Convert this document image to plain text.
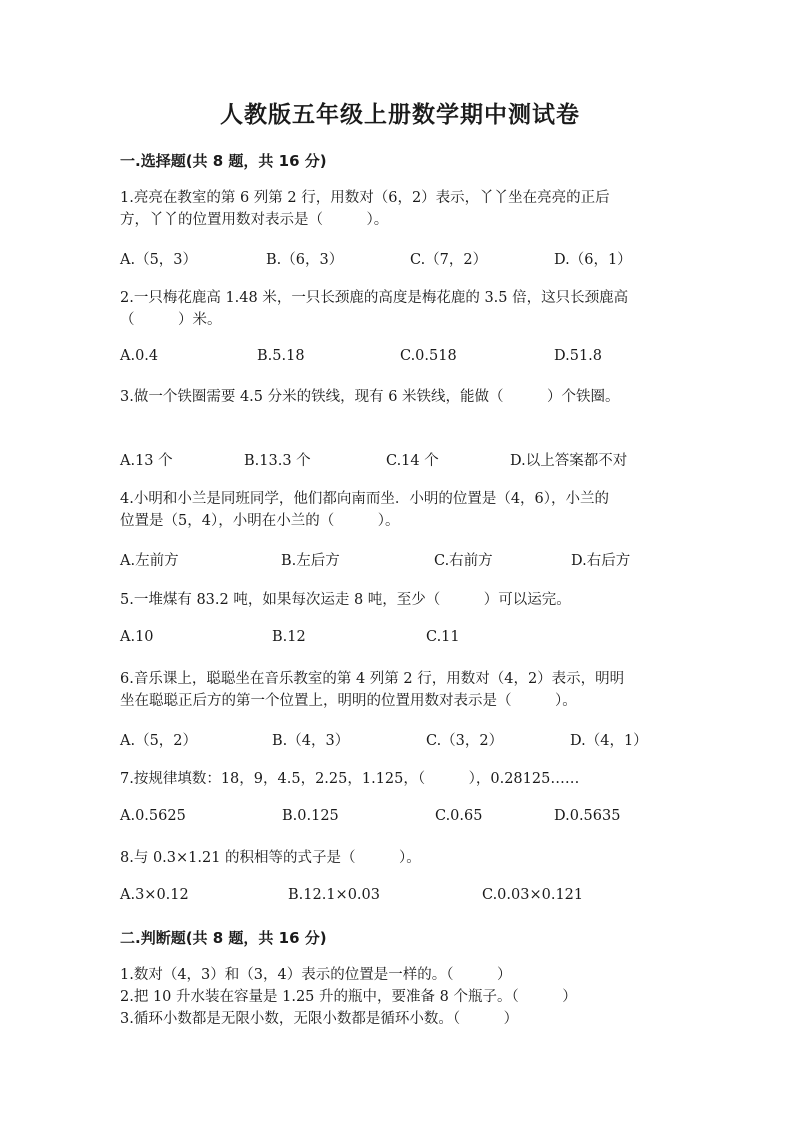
人教版五年级上册数学期中测试卷
一.选择题(共 8 题，共 16 分)
1.亮亮在教室的第 6 列第 2 行，用数对（6，2）表示，丫丫坐在亮亮的正后
方，丫丫的位置用数对表示是（　　　）。
A.（5，3）	B.（6，3）	C.（7，2）	D.（6，1）
2.一只梅花鹿高 1.48 米，一只长颈鹿的高度是梅花鹿的 3.5 倍，这只长颈鹿高
（　　　）米。
A.0.4	B.5.18	C.0.518	D.51.8
3.做一个铁圈需要 4.5 分米的铁线，现有 6 米铁线，能做（　　　）个铁圈。
A.13 个	B.13.3 个	C.14 个	D.以上答案都不对
4.小明和小兰是同班同学，他们都向南而坐．小明的位置是（4，6），小兰的
位置是（5，4），小明在小兰的（　　　）。
A.左前方	B.左后方	C.右前方	D.右后方
5.一堆煤有 83.2 吨，如果每次运走 8 吨，至少（　　　）可以运完。
A.10	B.12	C.11
6.音乐课上，聪聪坐在音乐教室的第 4 列第 2 行，用数对（4，2）表示，明明
坐在聪聪正后方的第一个位置上，明明的位置用数对表示是（　　　）。
A.（5，2）	B.（4，3）	C.（3，2）	D.（4，1）
7.按规律填数：18，9，4.5，2.25，1.125，（　　　），0.28125……
A.0.5625	B.0.125	C.0.65	D.0.5635
8.与 0.3×1.21 的积相等的式子是（　　　）。
A.3×0.12	B.12.1×0.03	C.0.03×0.121
二.判断题(共 8 题，共 16 分)
1.数对（4，3）和（3，4）表示的位置是一样的。（　　　）
2.把 10 升水装在容量是 1.25 升的瓶中，要准备 8 个瓶子。（　　　）
3.循环小数都是无限小数，无限小数都是循环小数。（　　　）
